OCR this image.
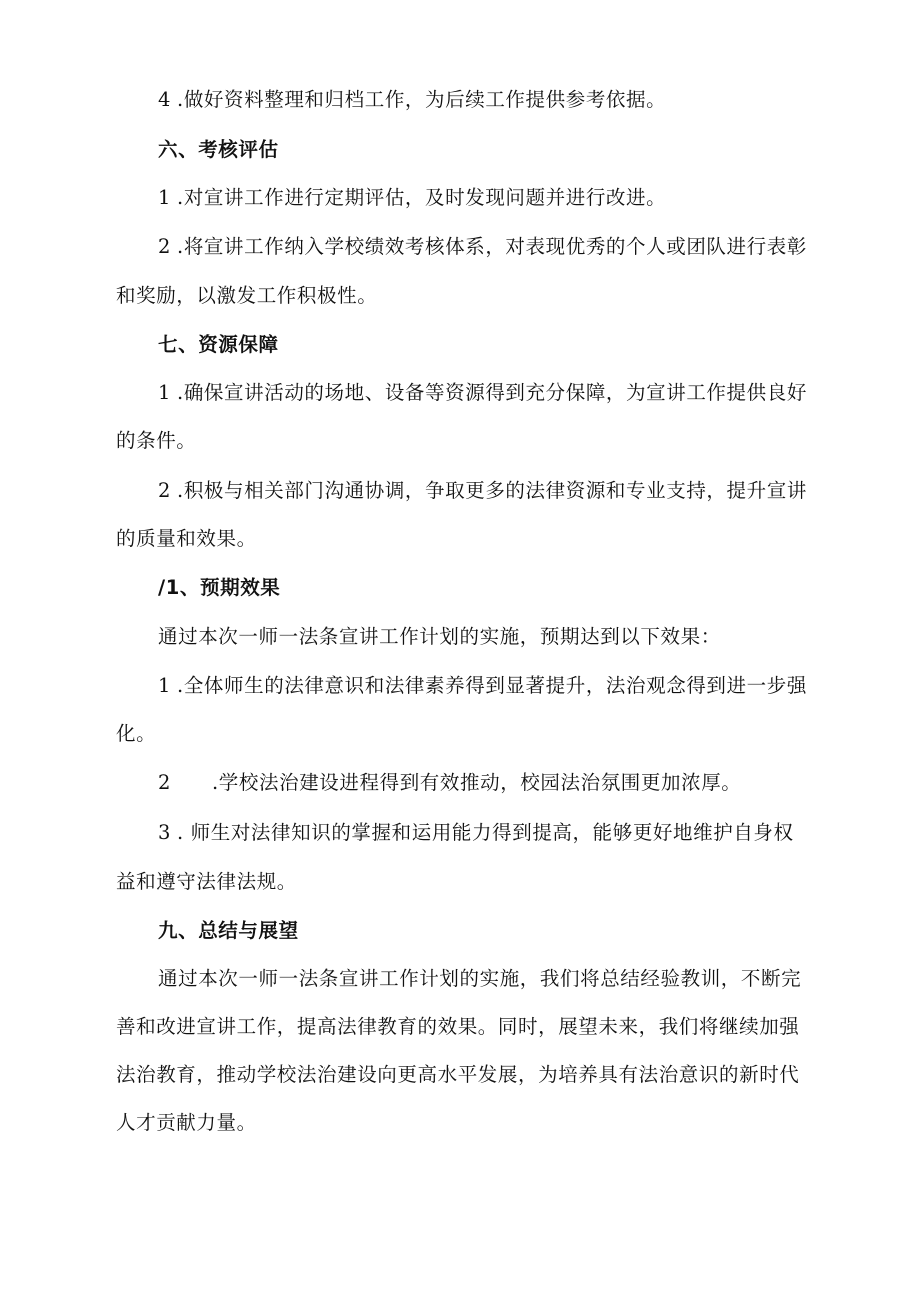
4 .做好资料整理和归档工作，为后续工作提供参考依据。
六、考核评估
1 .对宣讲工作进行定期评估，及时发现问题并进行改进。
2 .将宣讲工作纳入学校绩效考核体系，对表现优秀的个人或团队进行表彰
和奖励，以激发工作积极性。
七、资源保障
1 .确保宣讲活动的场地、设备等资源得到充分保障，为宣讲工作提供良好
的条件。
2 .积极与相关部门沟通协调，争取更多的法律资源和专业支持，提升宣讲
的质量和效果。
/1、预期效果
通过本次一师一法条宣讲工作计划的实施，预期达到以下效果：
1 .全体师生的法律意识和法律素养得到显著提升，法治观念得到进一步强
化。
2 .学校法治建设进程得到有效推动，校园法治氛围更加浓厚。
3 . 师生对法律知识的掌握和运用能力得到提高，能够更好地维护自身权
益和遵守法律法规。
九、总结与展望
通过本次一师一法条宣讲工作计划的实施，我们将总结经验教训，不断完
善和改进宣讲工作，提高法律教育的效果。同时，展望未来，我们将继续加强
法治教育，推动学校法治建设向更高水平发展，为培养具有法治意识的新时代
人才贡献力量。
